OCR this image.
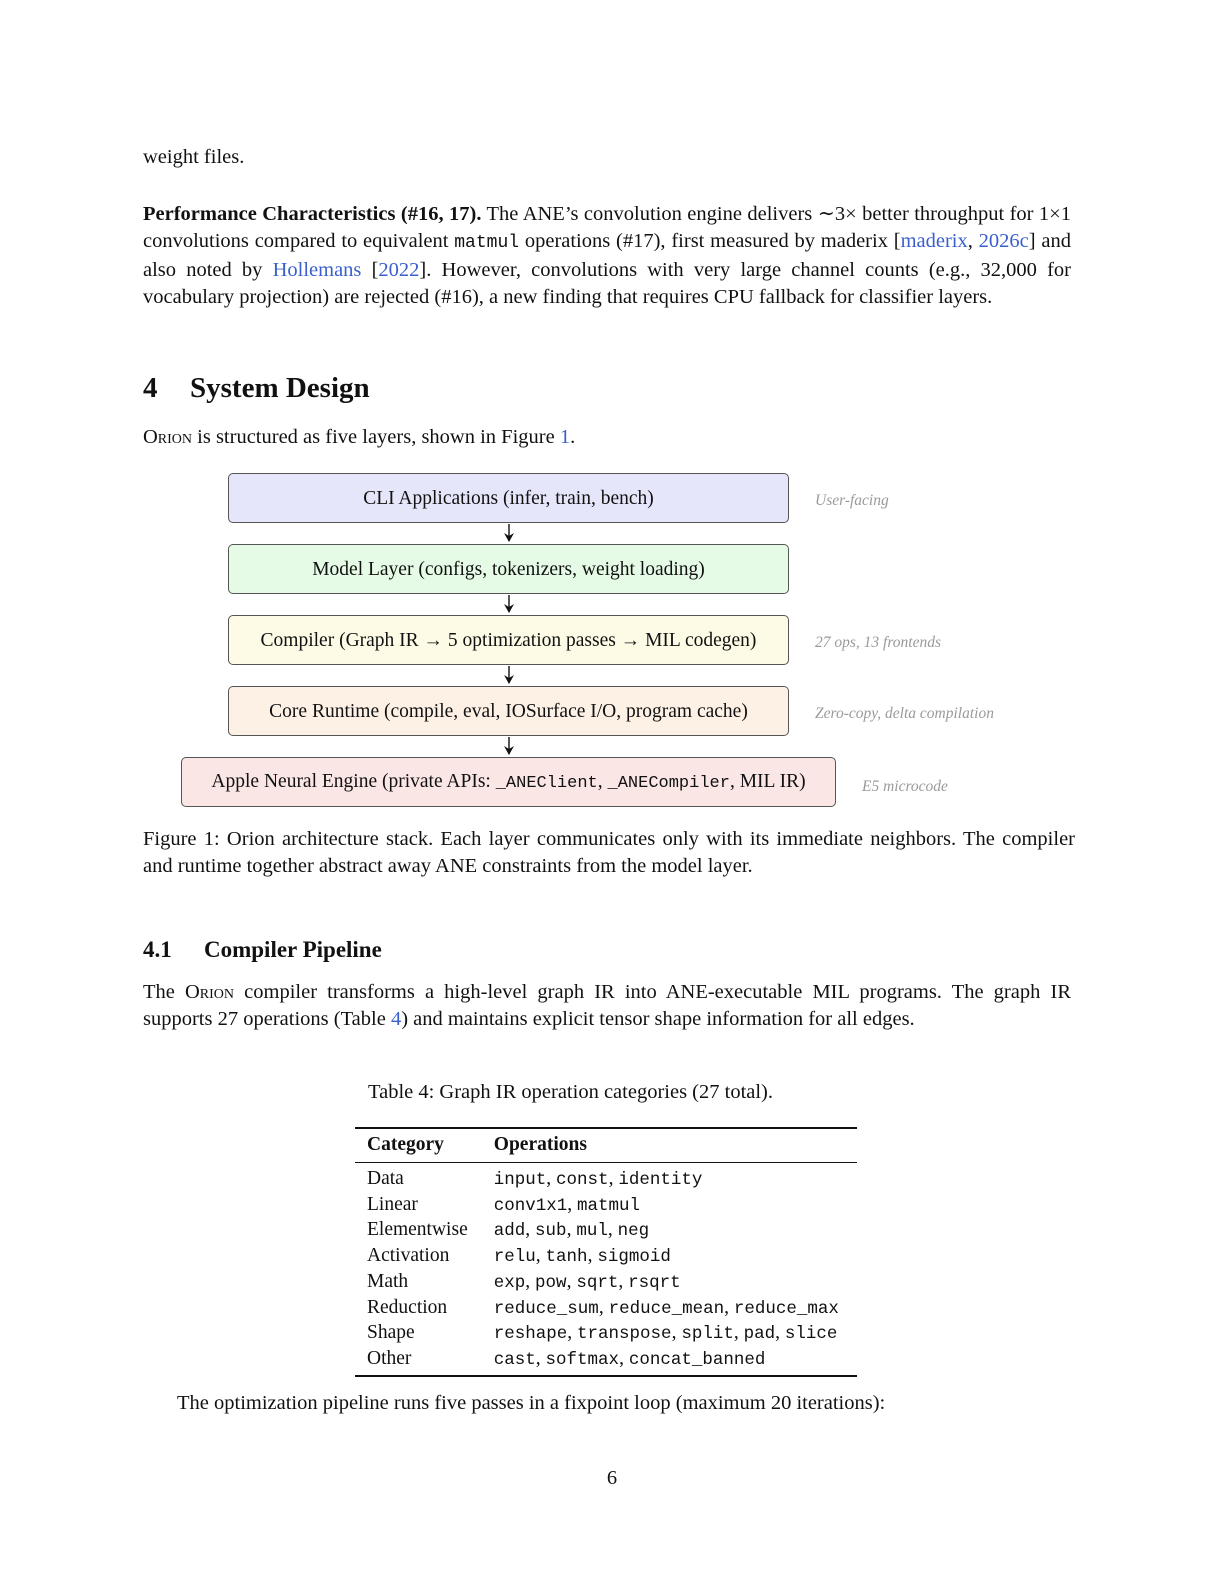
weight files.
Performance Characteristics (#16, 17). The ANE’s convolution engine delivers ∼3× better throughput for 1×1 convolutions compared to equivalent matmul operations (#17), first measured by maderix [maderix, 2026c] and also noted by Hollemans [2022]. However, convolutions with very large channel counts (e.g., 32,000 for vocabulary projection) are rejected (#16), a new finding that requires CPU fallback for classifier layers.
4 System Design
Orion is structured as five layers, shown in Figure 1.
CLI Applications (infer, train, bench)	User-facing
Model Layer (configs, tokenizers, weight loading)
Compiler (Graph IR → 5 optimization passes → MIL codegen)	27 ops, 13 frontends
Core Runtime (compile, eval, IOSurface I/O, program cache)	Zero-copy, delta compilation
Apple Neural Engine (private APIs: _ANEClient, _ANECompiler, MIL IR)	E5 microcode
Figure 1: Orion architecture stack. Each layer communicates only with its immediate neighbors. The compiler and runtime together abstract away ANE constraints from the model layer.
4.1 Compiler Pipeline
The Orion compiler transforms a high-level graph IR into ANE-executable MIL programs. The graph IR supports 27 operations (Table 4) and maintains explicit tensor shape information for all edges.
Table 4: Graph IR operation categories (27 total).
Category	Operations
Data	input, const, identity
Linear	conv1x1, matmul
Elementwise	add, sub, mul, neg
Activation	relu, tanh, sigmoid
Math	exp, pow, sqrt, rsqrt
Reduction	reduce_sum, reduce_mean, reduce_max
Shape	reshape, transpose, split, pad, slice
Other	cast, softmax, concat_banned
The optimization pipeline runs five passes in a fixpoint loop (maximum 20 iterations):
6
